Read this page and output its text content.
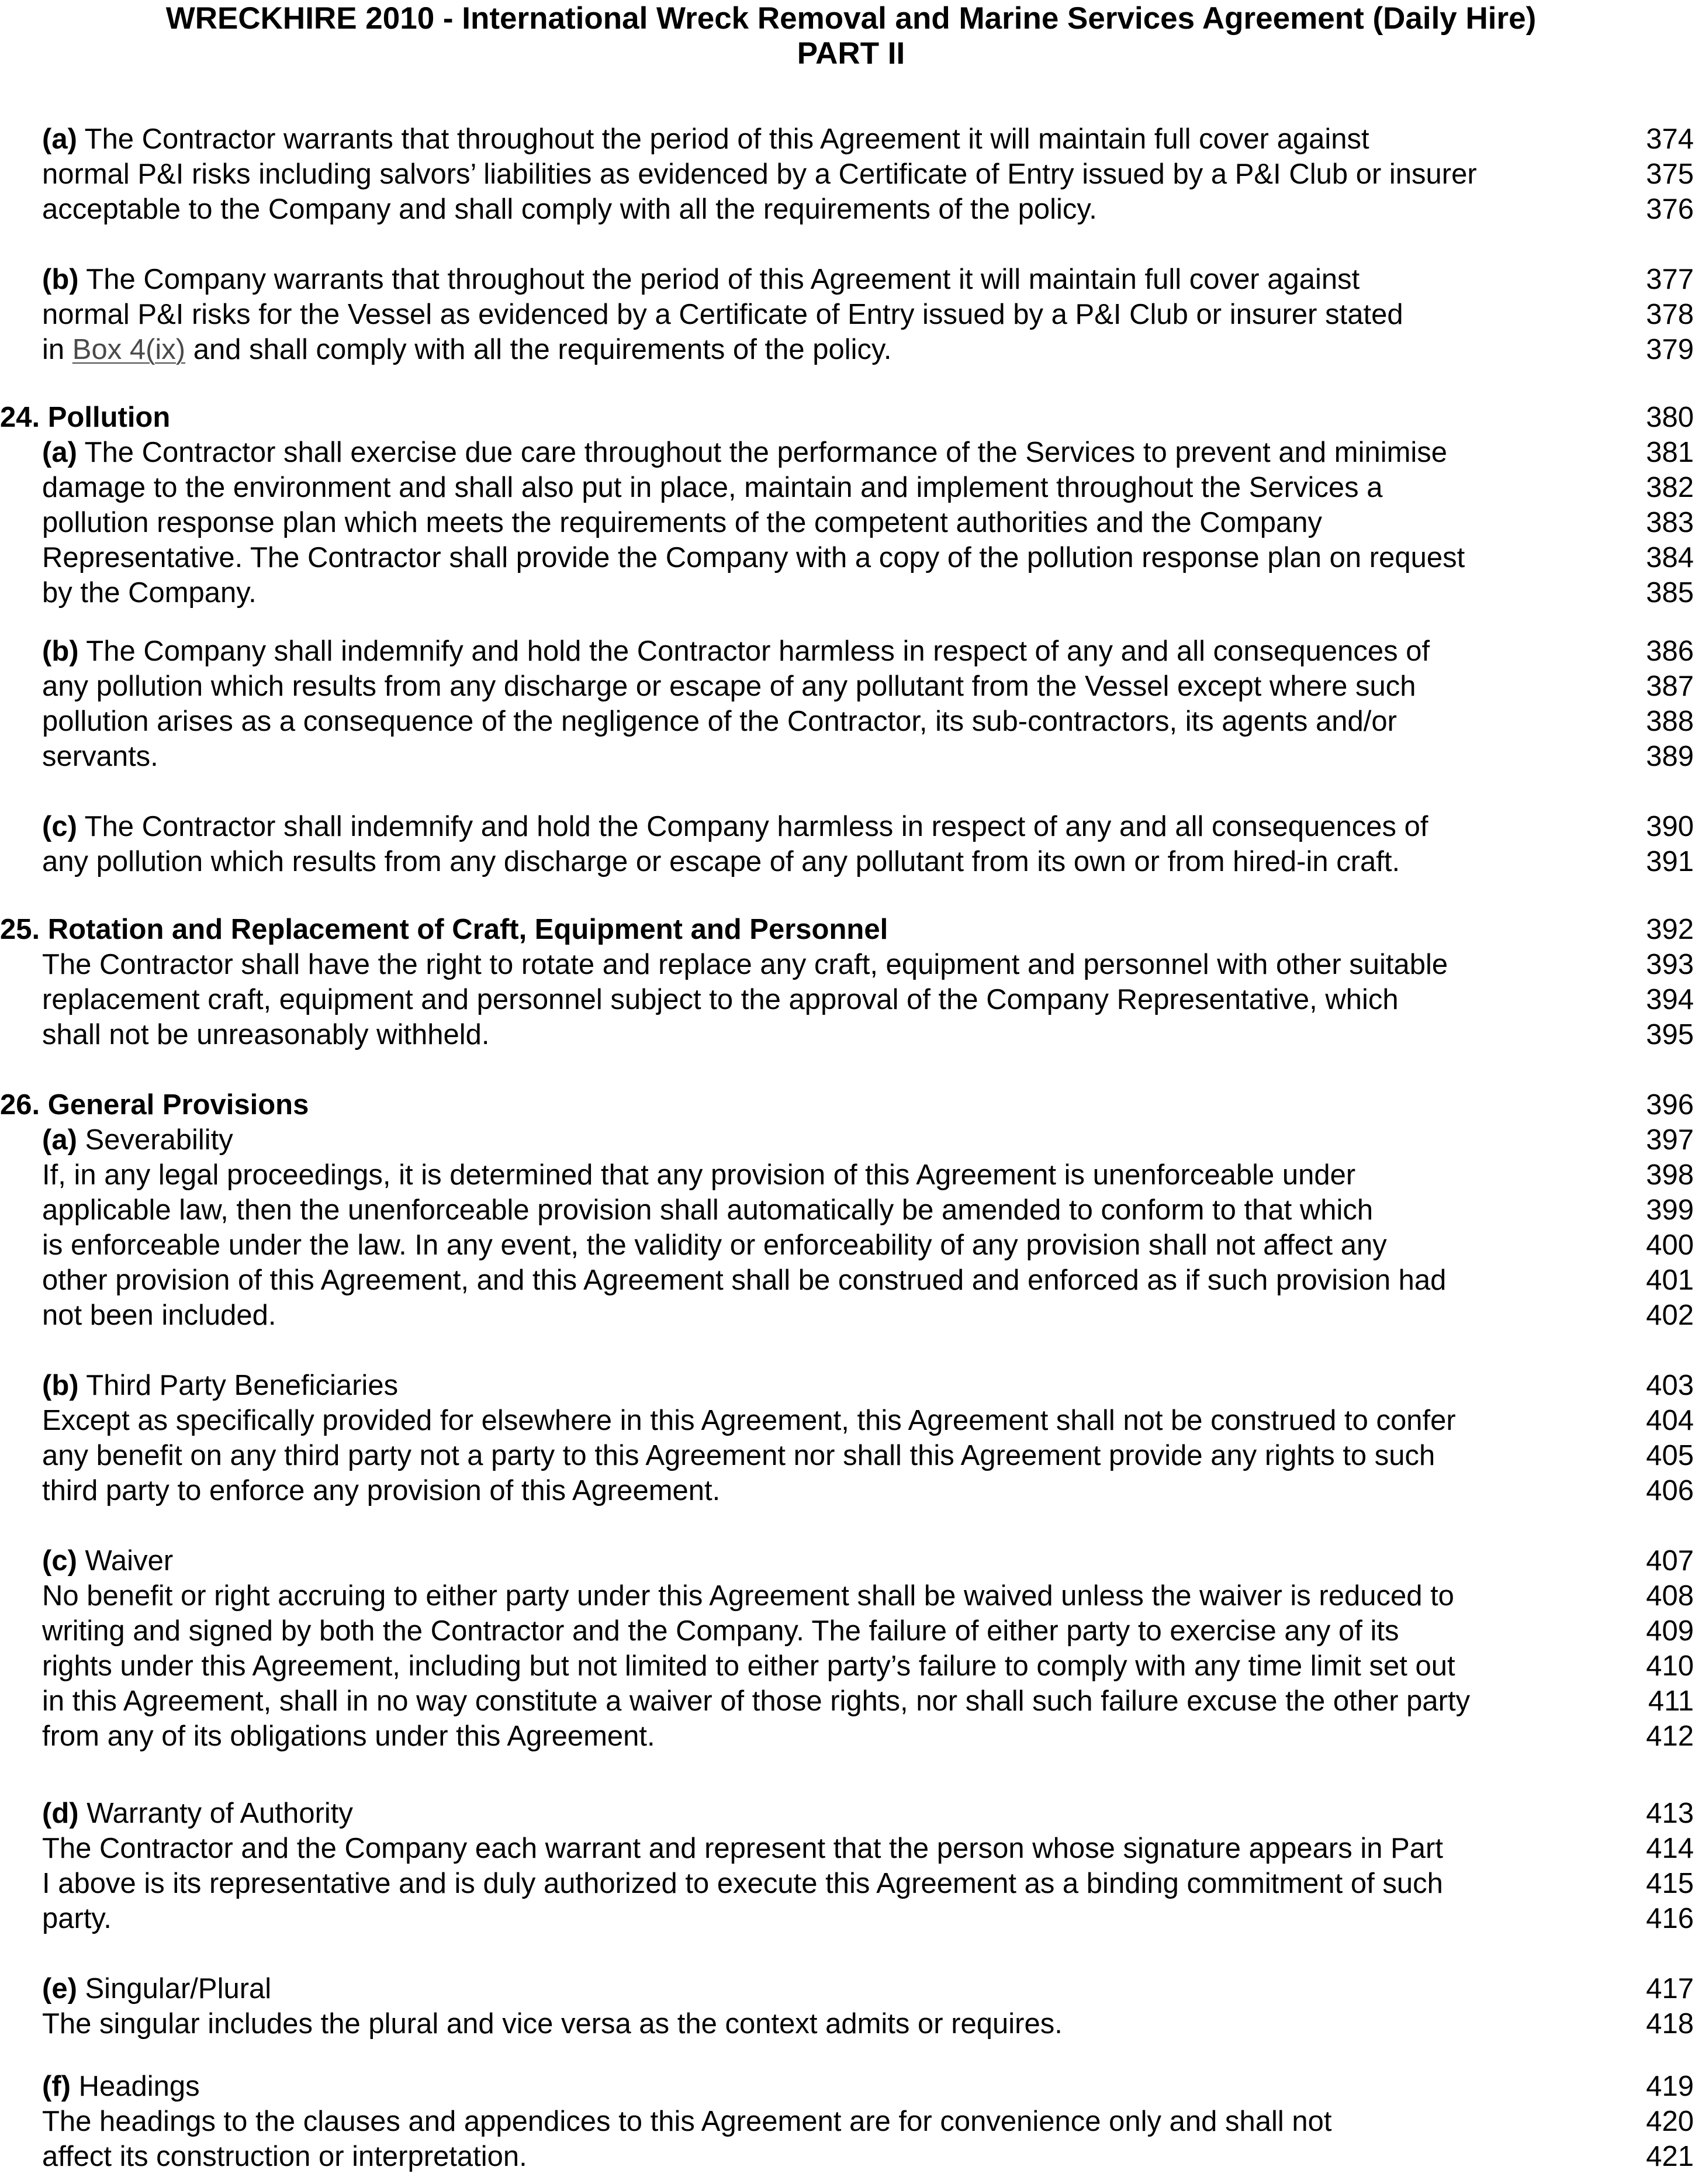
WRECKHIRE 2010 - International Wreck Removal and Marine Services Agreement (Daily Hire)
PART II
(a) The Contractor warrants that throughout the period of this Agreement it will maintain full cover against	374
normal P&I risks including salvors’ liabilities as evidenced by a Certificate of Entry issued by a P&I Club or insurer	375
acceptable to the Company and shall comply with all the requirements of the policy.	376
(b) The Company warrants that throughout the period of this Agreement it will maintain full cover against	377
normal P&I risks for the Vessel as evidenced by a Certificate of Entry issued by a P&I Club or insurer stated	378
in Box 4(ix) and shall comply with all the requirements of the policy.	379
24. Pollution	380
(a) The Contractor shall exercise due care throughout the performance of the Services to prevent and minimise	381
damage to the environment and shall also put in place, maintain and implement throughout the Services a	382
pollution response plan which meets the requirements of the competent authorities and the Company	383
Representative. The Contractor shall provide the Company with a copy of the pollution response plan on request	384
by the Company.	385
(b) The Company shall indemnify and hold the Contractor harmless in respect of any and all consequences of	386
any pollution which results from any discharge or escape of any pollutant from the Vessel except where such	387
pollution arises as a consequence of the negligence of the Contractor, its sub-contractors, its agents and/or	388
servants.	389
(c) The Contractor shall indemnify and hold the Company harmless in respect of any and all consequences of	390
any pollution which results from any discharge or escape of any pollutant from its own or from hired-in craft.	391
25. Rotation and Replacement of Craft, Equipment and Personnel	392
The Contractor shall have the right to rotate and replace any craft, equipment and personnel with other suitable	393
replacement craft, equipment and personnel subject to the approval of the Company Representative, which	394
shall not be unreasonably withheld.	395
26. General Provisions	396
(a) Severability	397
If, in any legal proceedings, it is determined that any provision of this Agreement is unenforceable under	398
applicable law, then the unenforceable provision shall automatically be amended to conform to that which	399
is enforceable under the law. In any event, the validity or enforceability of any provision shall not affect any	400
other provision of this Agreement, and this Agreement shall be construed and enforced as if such provision had	401
not been included.	402
(b) Third Party Beneficiaries	403
Except as specifically provided for elsewhere in this Agreement, this Agreement shall not be construed to confer	404
any benefit on any third party not a party to this Agreement nor shall this Agreement provide any rights to such	405
third party to enforce any provision of this Agreement.	406
(c) Waiver	407
No benefit or right accruing to either party under this Agreement shall be waived unless the waiver is reduced to	408
writing and signed by both the Contractor and the Company. The failure of either party to exercise any of its	409
rights under this Agreement, including but not limited to either party’s failure to comply with any time limit set out	410
in this Agreement, shall in no way constitute a waiver of those rights, nor shall such failure excuse the other party	411
from any of its obligations under this Agreement.	412
(d) Warranty of Authority	413
The Contractor and the Company each warrant and represent that the person whose signature appears in Part	414
I above is its representative and is duly authorized to execute this Agreement as a binding commitment of such	415
party.	416
(e) Singular/Plural	417
The singular includes the plural and vice versa as the context admits or requires.	418
(f) Headings	419
The headings to the clauses and appendices to this Agreement are for convenience only and shall not	420
affect its construction or interpretation.	421
